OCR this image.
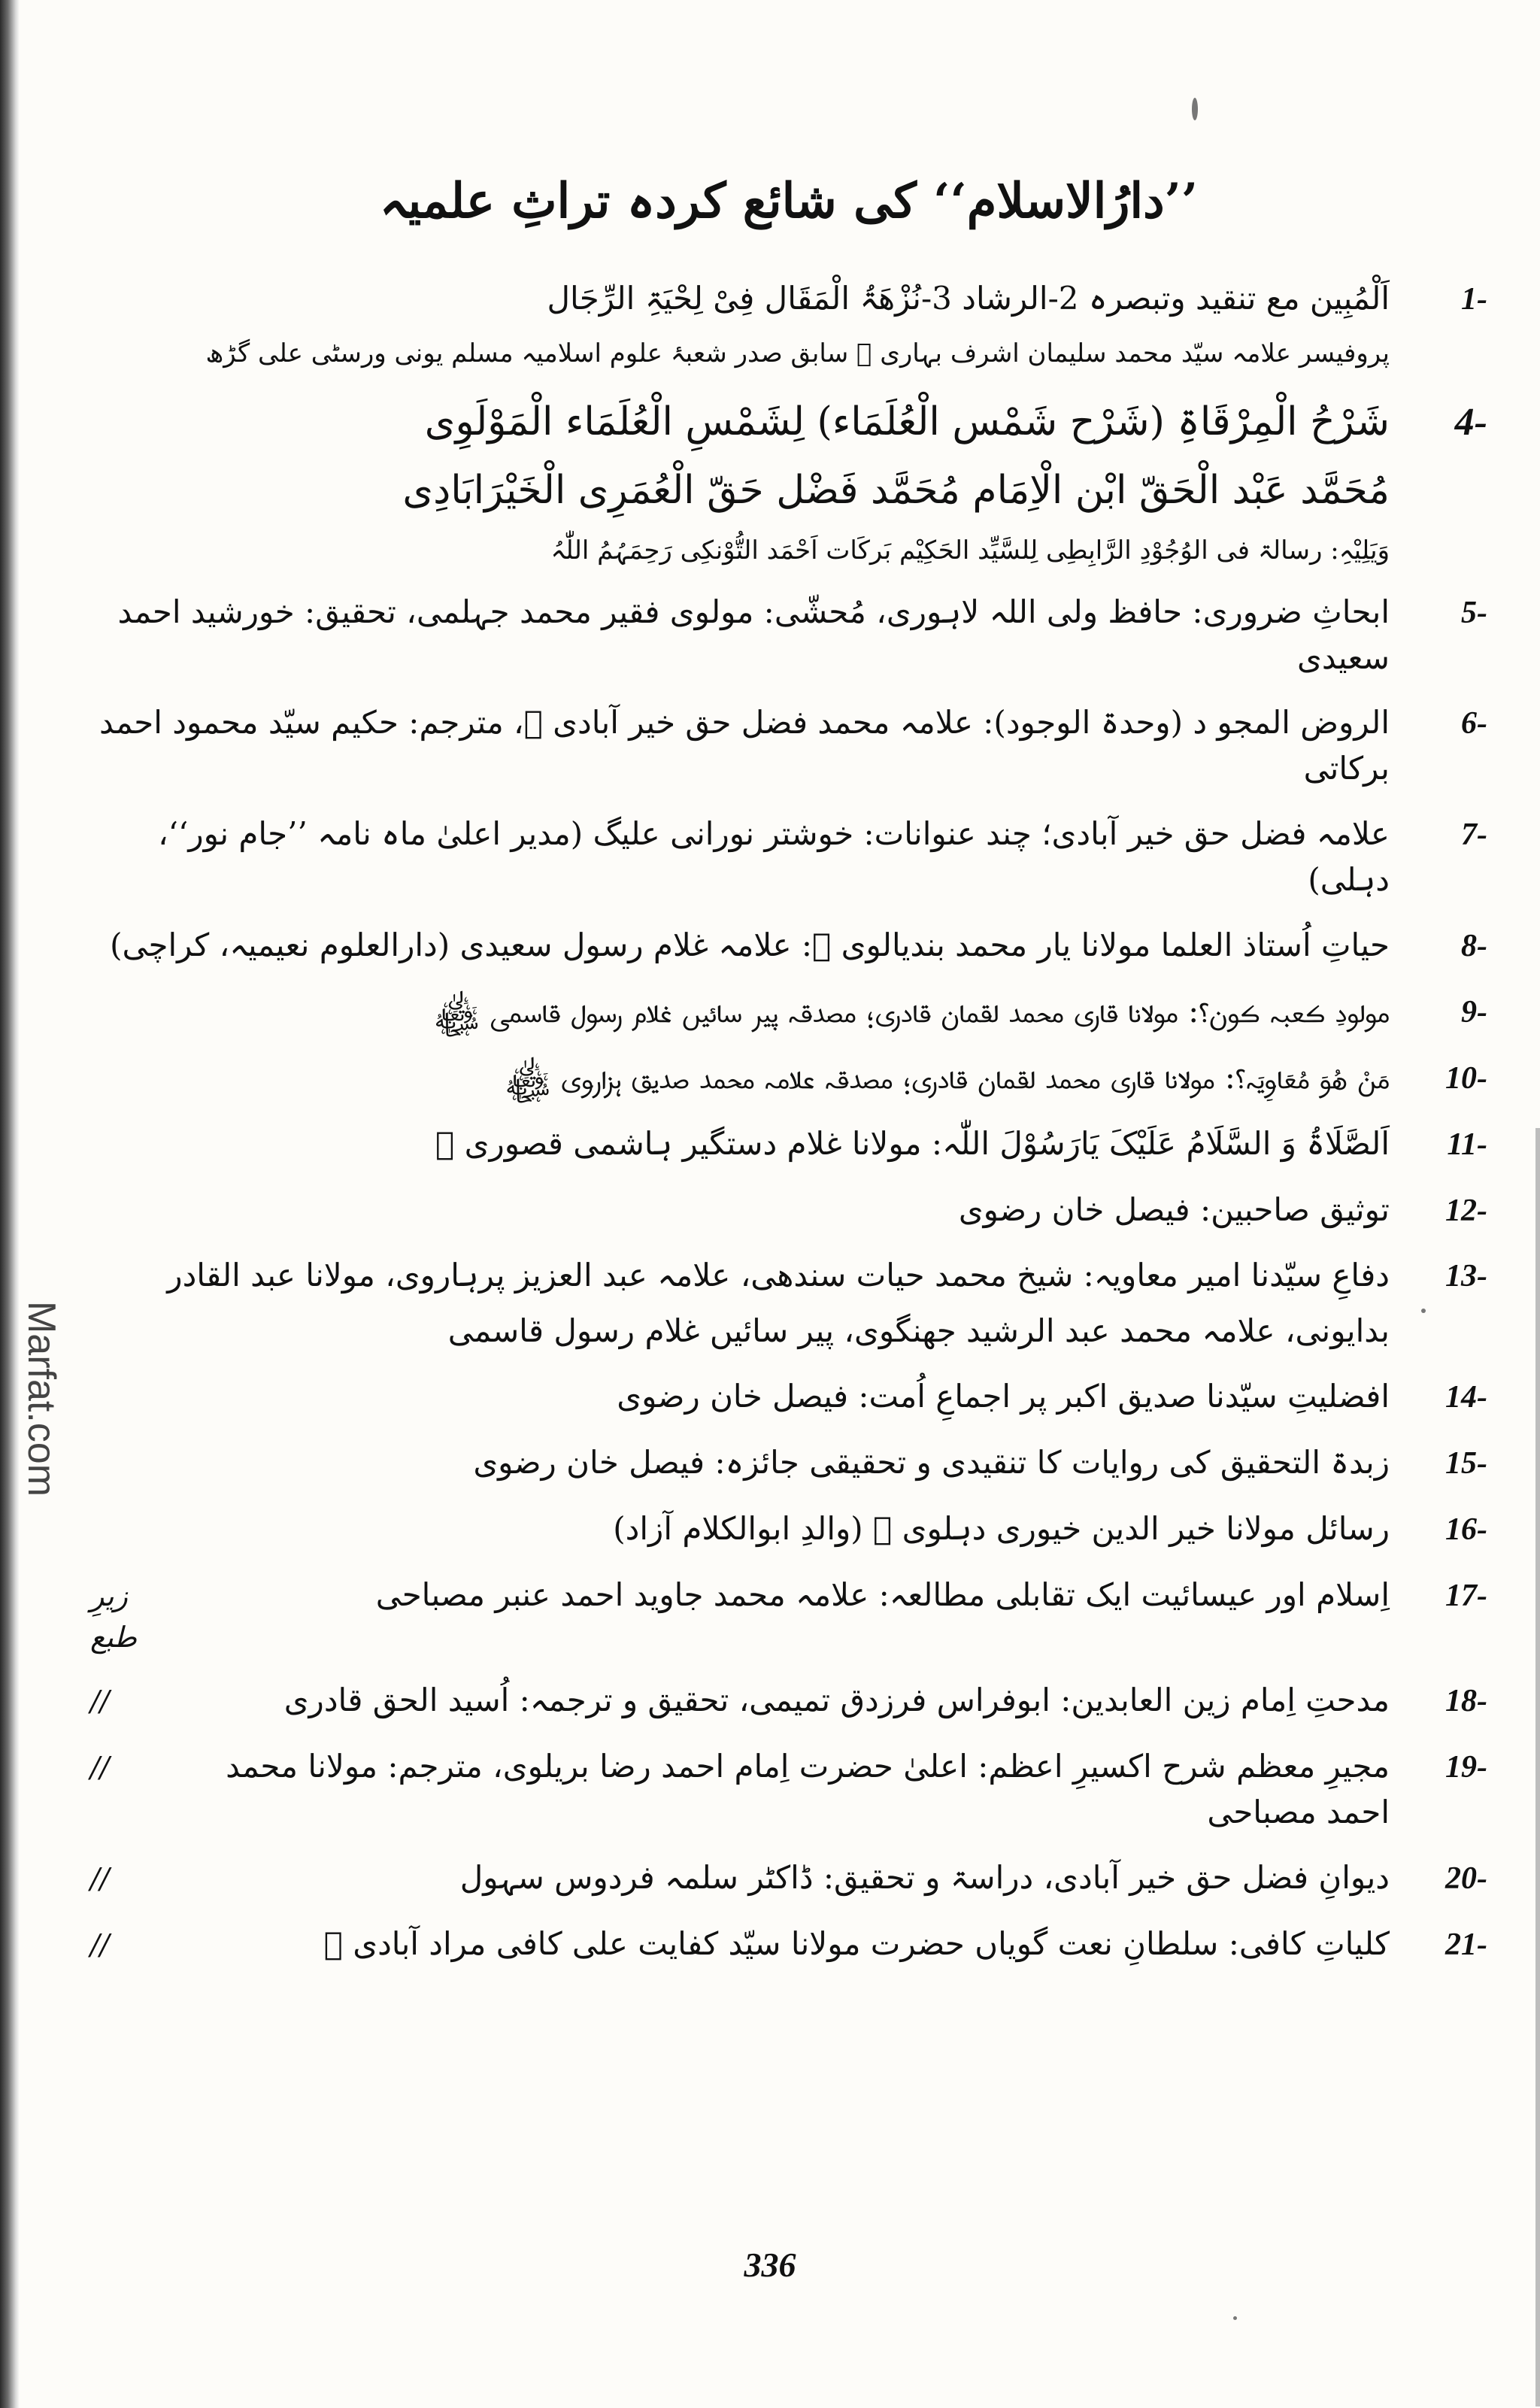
Marfat.com
’’دارُالاسلام‘‘ کی شائع کردہ تراثِ علمیہ
-1
اَلْمُبِین مع تنقید وتبصرہ 2-الرشاد 3-نُزْھَۃُ الْمَقَال فِیْ لِحْیَۃِ الرِّجَال
پروفیسر علامہ سیّد محمد سلیمان اشرف بہاری ﷫ سابق صدر شعبۂ علوم اسلامیہ مسلم یونی ورسٹی علی گڑھ
-4
شَرْحُ الْمِرْقَاۃِ (شَرْح شَمْس الْعُلَمَاء) لِشَمْسِ الْعُلَمَاء الْمَوْلَوِی
مُحَمَّد عَبْد الْحَقّ ابْن الْاِمَام مُحَمَّد فَضْل حَقّ الْعُمَرِی الْخَیْرَابَادِی
وَیَلِیْہِ: رسالۃ فی الوُجُوْدِ الرَّابِطِی لِلسَّیِّد الحَکِیْم بَرکَات اَحْمَد التُّوْنکِی رَحِمَہُمُ اللّٰہُ
-5
ابحاثِ ضروری: حافظ ولی اللہ لاہوری، مُحشّی: مولوی فقیر محمد جہلمی، تحقیق: خورشید احمد سعیدی
-6
الروض المجو د (وحدۃ الوجود): علامہ محمد فضل حق خیر آبادی ﷫، مترجم: حکیم سیّد محمود احمد برکاتی
-7
علامہ فضل حق خیر آبادی؛ چند عنوانات: خوشتر نورانی علیگ (مدیر اعلیٰ ماہ نامہ ’’جام نور‘‘، دہلی)
-8
حیاتِ اُستاذ العلما مولانا یار محمد بندیالوی ﷫: علامہ غلام رسول سعیدی (دارالعلوم نعیمیہ، کراچی)
-9
مولودِ کعبہ کون؟: مولانا قاری محمد لقمان قادری؛ مصدقہ پیر سائیں غلام رسول قاسمی ﷾
-10
مَنْ ھُوَ مُعَاوِیَہ؟: مولانا قاری محمد لقمان قادری؛ مصدقہ علامہ محمد صدیق ہزاروی ﷾
-11
اَلصَّلَاۃُ وَ السَّلَامُ عَلَیْکَ یَارَسُوْلَ اللّٰہ: مولانا غلام دستگیر ہاشمی قصوری ﷫
-12
توثیق صاحبین: فیصل خان رضوی
-13
دفاعِ سیّدنا امیر معاویہ: شیخ محمد حیات سندھی، علامہ عبد العزیز پرہاروی، مولانا عبد القادر
بدایونی، علامہ محمد عبد الرشید جھنگوی، پیر سائیں غلام رسول قاسمی
-14
افضلیتِ سیّدنا صدیق اکبر پر اجماعِ اُمت: فیصل خان رضوی
-15
زبدۃ التحقیق کی روایات کا تنقیدی و تحقیقی جائزہ: فیصل خان رضوی
-16
رسائل مولانا خیر الدین خیوری دہلوی ﷫ (والدِ ابوالکلام آزاد)
-17
اِسلام اور عیسائیت ایک تقابلی مطالعہ: علامہ محمد جاوید احمد عنبر مصباحی
زیرِ طبع
-18
مدحتِ اِمام زین العابدین: ابوفراس فرزدق تمیمی، تحقیق و ترجمہ: اُسید الحق قادری
//
-19
مجیرِ معظم شرح اکسیرِ اعظم: اعلیٰ حضرت اِمام احمد رضا بریلوی، مترجم: مولانا محمد احمد مصباحی
//
-20
دیوانِ فضل حق خیر آبادی، دراسۃ و تحقیق: ڈاکٹر سلمہ فردوس سہول
//
-21
کلیاتِ کافی: سلطانِ نعت گویاں حضرت مولانا سیّد کفایت علی کافی مراد آبادی ﷫
//
336
